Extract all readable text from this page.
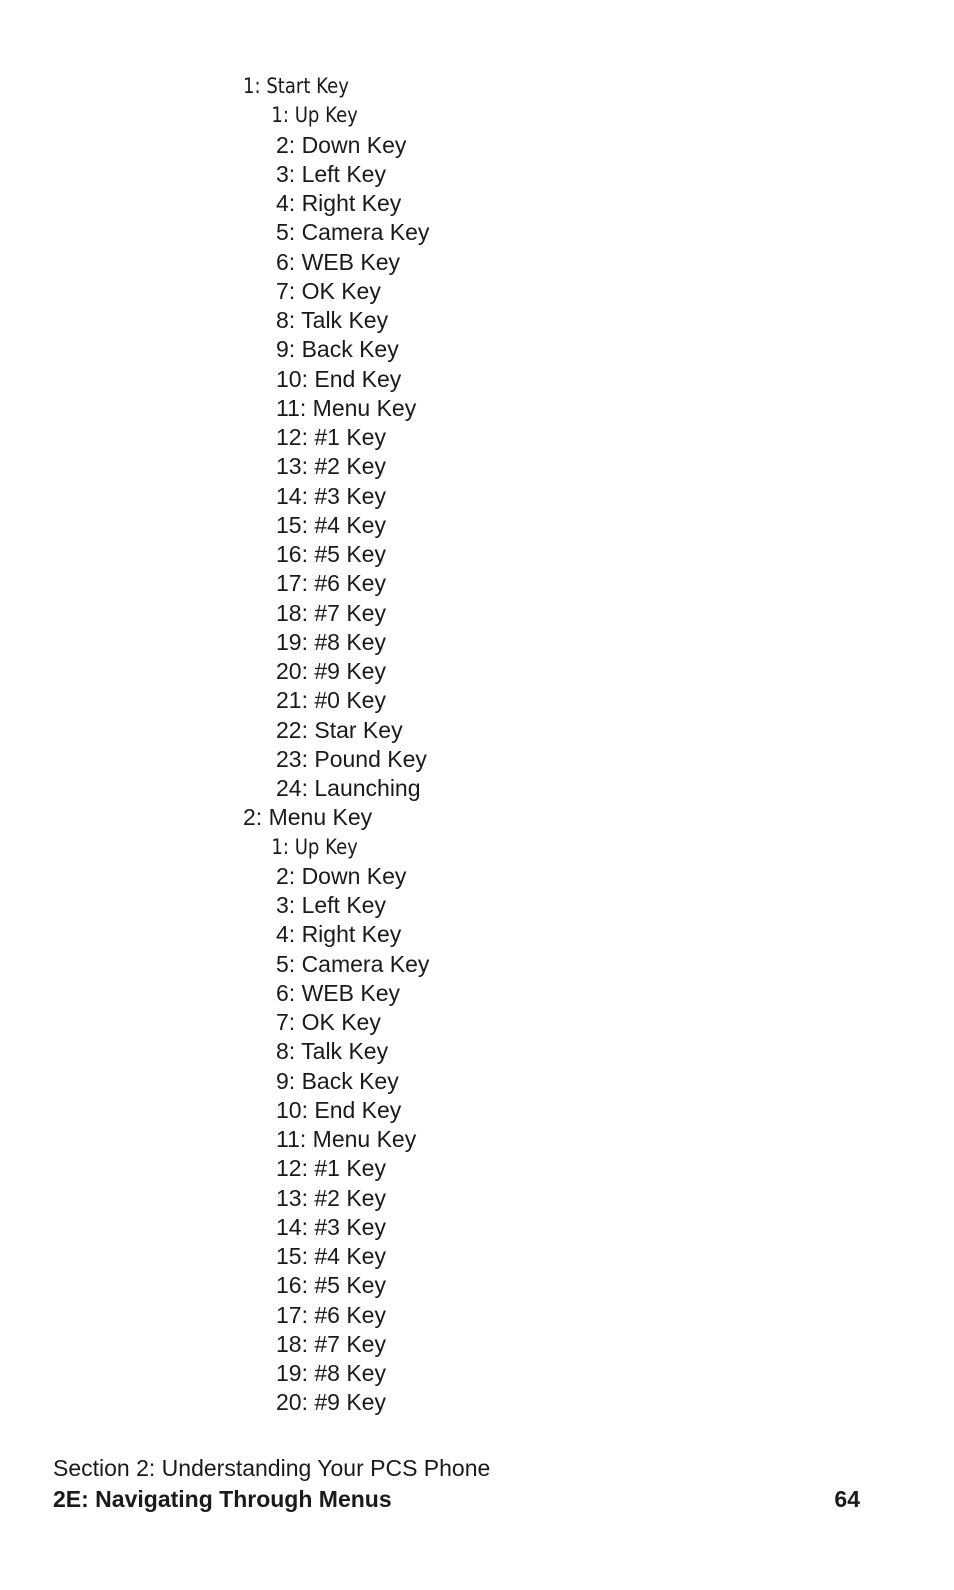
1: Start Key
1: Up Key
2: Down Key
3: Left Key
4: Right Key
5: Camera Key
6: WEB Key
7: OK Key
8: Talk Key
9: Back Key
10: End Key
11: Menu Key
12: #1 Key
13: #2 Key
14: #3 Key
15: #4 Key
16: #5 Key
17: #6 Key
18: #7 Key
19: #8 Key
20: #9 Key
21: #0 Key
22: Star Key
23: Pound Key
24: Launching
2: Menu Key
1: Up Key
2: Down Key
3: Left Key
4: Right Key
5: Camera Key
6: WEB Key
7: OK Key
8: Talk Key
9: Back Key
10: End Key
11: Menu Key
12: #1 Key
13: #2 Key
14: #3 Key
15: #4 Key
16: #5 Key
17: #6 Key
18: #7 Key
19: #8 Key
20: #9 Key
Section 2: Understanding Your PCS Phone
2E: Navigating Through Menus	64
